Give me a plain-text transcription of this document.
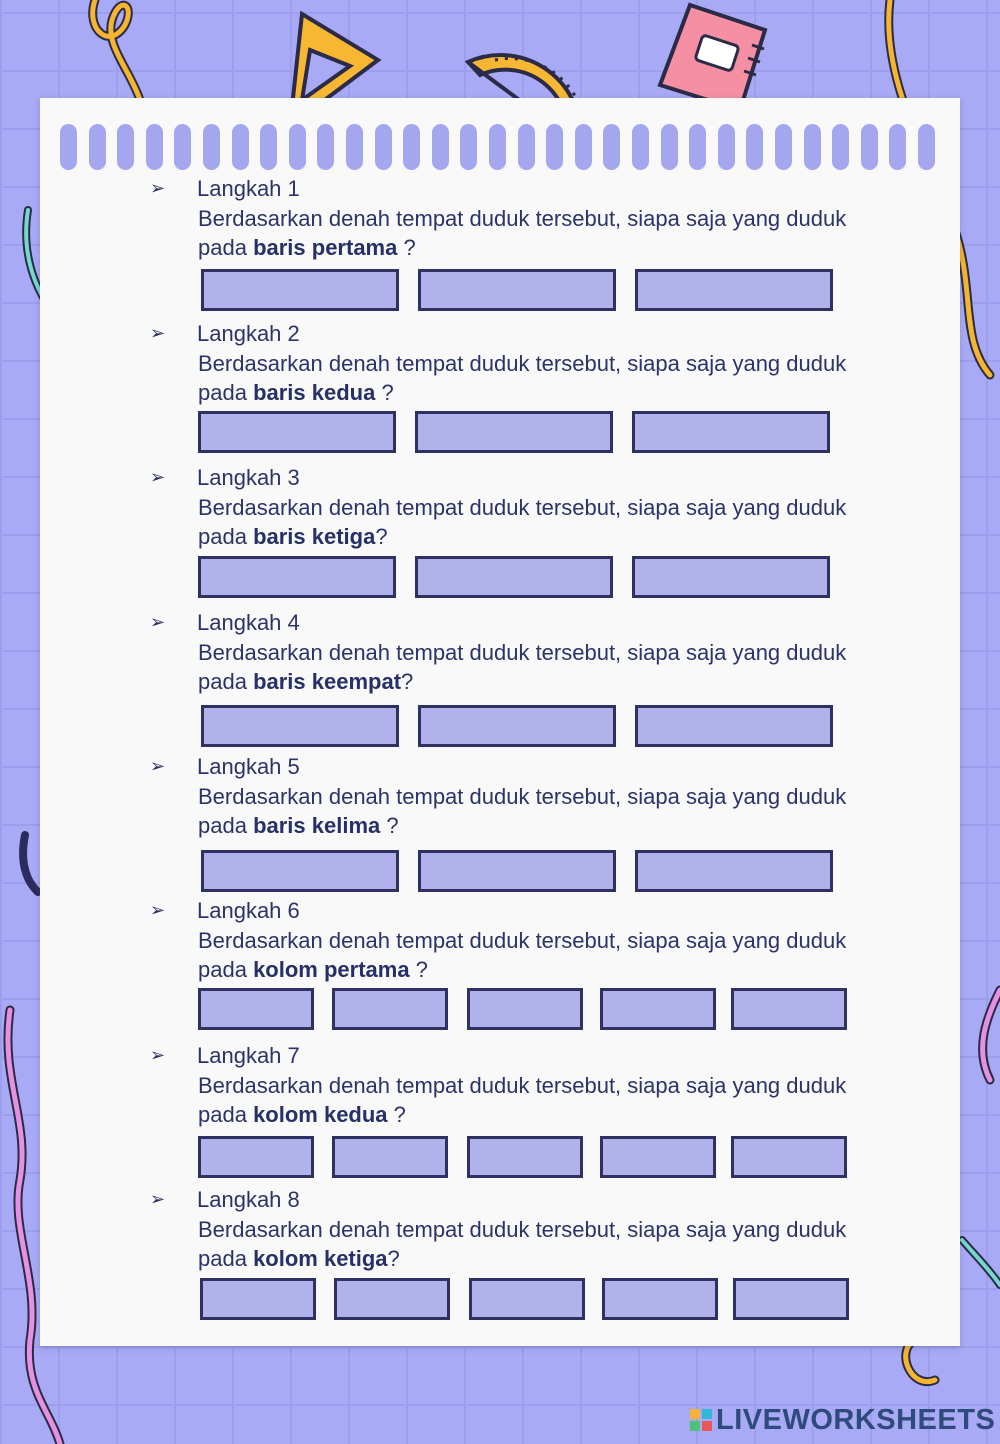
➢ Langkah 1
Berdasarkan denah tempat duduk tersebut, siapa saja yang duduk pada baris pertama ?
➢ Langkah 2
Berdasarkan denah tempat duduk tersebut, siapa saja yang duduk pada baris kedua ?
➢ Langkah 3
Berdasarkan denah tempat duduk tersebut, siapa saja yang duduk pada baris ketiga?
➢ Langkah 4
Berdasarkan denah tempat duduk tersebut, siapa saja yang duduk pada baris keempat?
➢ Langkah 5
Berdasarkan denah tempat duduk tersebut, siapa saja yang duduk pada baris kelima ?
➢ Langkah 6
Berdasarkan denah tempat duduk tersebut, siapa saja yang duduk pada kolom pertama ?
➢ Langkah 7
Berdasarkan denah tempat duduk tersebut, siapa saja yang duduk pada kolom kedua ?
➢ Langkah 8
Berdasarkan denah tempat duduk tersebut, siapa saja yang duduk pada kolom ketiga?
LIVEWORKSHEETS
